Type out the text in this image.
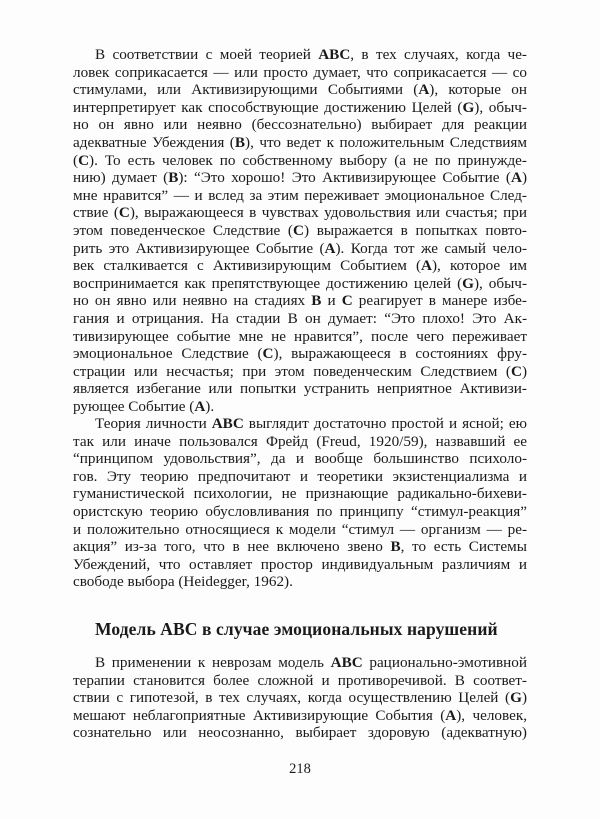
В соответствии с моей теорией ABC, в тех случаях, когда че-
ловек соприкасается — или просто думает, что соприкасается — со
стимулами, или Активизирующими Событиями (A), которые он
интерпретирует как способствующие достижению Целей (G), обыч-
но он явно или неявно (бессознательно) выбирает для реакции
адекватные Убеждения (B), что ведет к положительным Следствиям
(C). То есть человек по собственному выбору (а не по принужде-
нию) думает (B): “Это хорошо! Это Активизирующее Событие (A)
мне нравится” — и вслед за этим переживает эмоциональное След-
ствие (C), выражающееся в чувствах удовольствия или счастья; при
этом поведенческое Следствие (C) выражается в попытках повто-
рить это Активизирующее Событие (A). Когда тот же самый чело-
век сталкивается с Активизирующим Событием (A), которое им
воспринимается как препятствующее достижению целей (G), обыч-
но он явно или неявно на стадиях B и C реагирует в манере избе-
гания и отрицания. На стадии В он думает: “Это плохо! Это Ак-
тивизирующее событие мне не нравится”, после чего переживает
эмоциональное Следствие (C), выражающееся в состояниях фру-
страции или несчастья; при этом поведенческим Следствием (C)
является избегание или попытки устранить неприятное Активизи-
рующее Событие (A).
Теория личности ABC выглядит достаточно простой и ясной; ею
так или иначе пользовался Фрейд (Freud, 1920/59), назвавший ее
“принципом удовольствия”, да и вообще большинство психоло-
гов. Эту теорию предпочитают и теоретики экзистенциализма и
гуманистической психологии, не признающие радикально-бихеви-
ористскую теорию обусловливания по принципу “стимул-реакция”
и положительно относящиеся к модели “стимул — организм — ре-
акция” из-за того, что в нее включено звено B, то есть Системы
Убеждений, что оставляет простор индивидуальным различиям и
свободе выбора (Heidegger, 1962).
Модель ABC в случае эмоциональных нарушений
В применении к неврозам модель ABC рационально-эмотивной
терапии становится более сложной и противоречивой. В соответ-
ствии с гипотезой, в тех случаях, когда осуществлению Целей (G)
мешают неблагоприятные Активизирующие События (A), человек,
сознательно или неосознанно, выбирает здоровую (адекватную)
218
